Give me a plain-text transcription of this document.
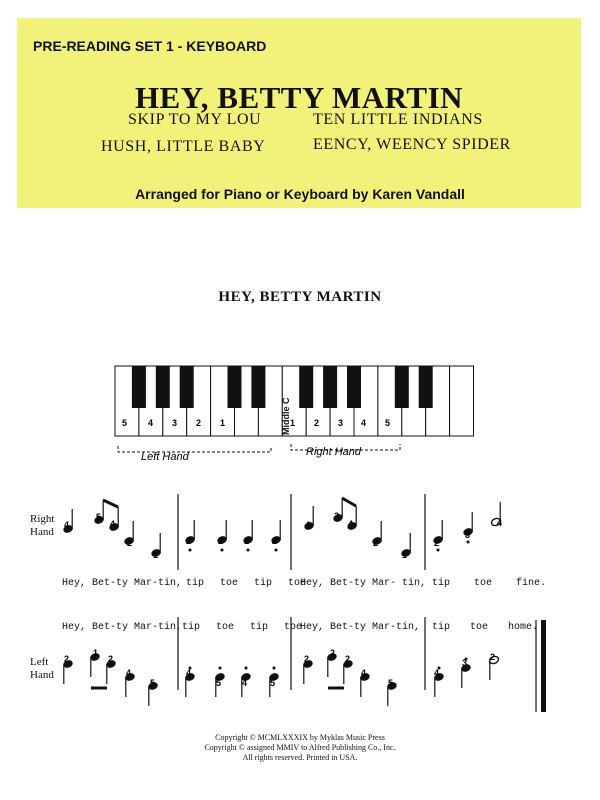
PRE-READING SET 1 - KEYBOARD
HEY, BETTY MARTIN
SKIP TO MY LOU	TEN LITTLE INDIANS
HUSH, LITTLE BABY	EENCY, WEENCY SPIDER
Arranged for Piano or Keyboard by Karen Vandall
HEY, BETTY MARTIN
Left Hand	Right Hand
5 4 3 2 1	1 2 3 4 5
4
5
4
2
1
2	2 1	2
4
3
4
2
1
2
3
4
2
1
2
4
5
4
5 4	5
2
2
2
4
5
4
3
2
Middle C
Right
Hand
Left
Hand
Hey, Bet-ty Mar-tin, tip toe tip toe
Hey, Bet-ty Mar- tin, tip toe fine.
Hey, Bet-ty Mar-tin, tip toe tip toe
Hey, Bet-ty Mar-tin, tip toe home.
Copyright © MCMLXXXIX by Myklas Music Press
Copyright © assigned MMIV to Alfred Publishing Co., Inc.
All rights reserved. Printed in USA.
